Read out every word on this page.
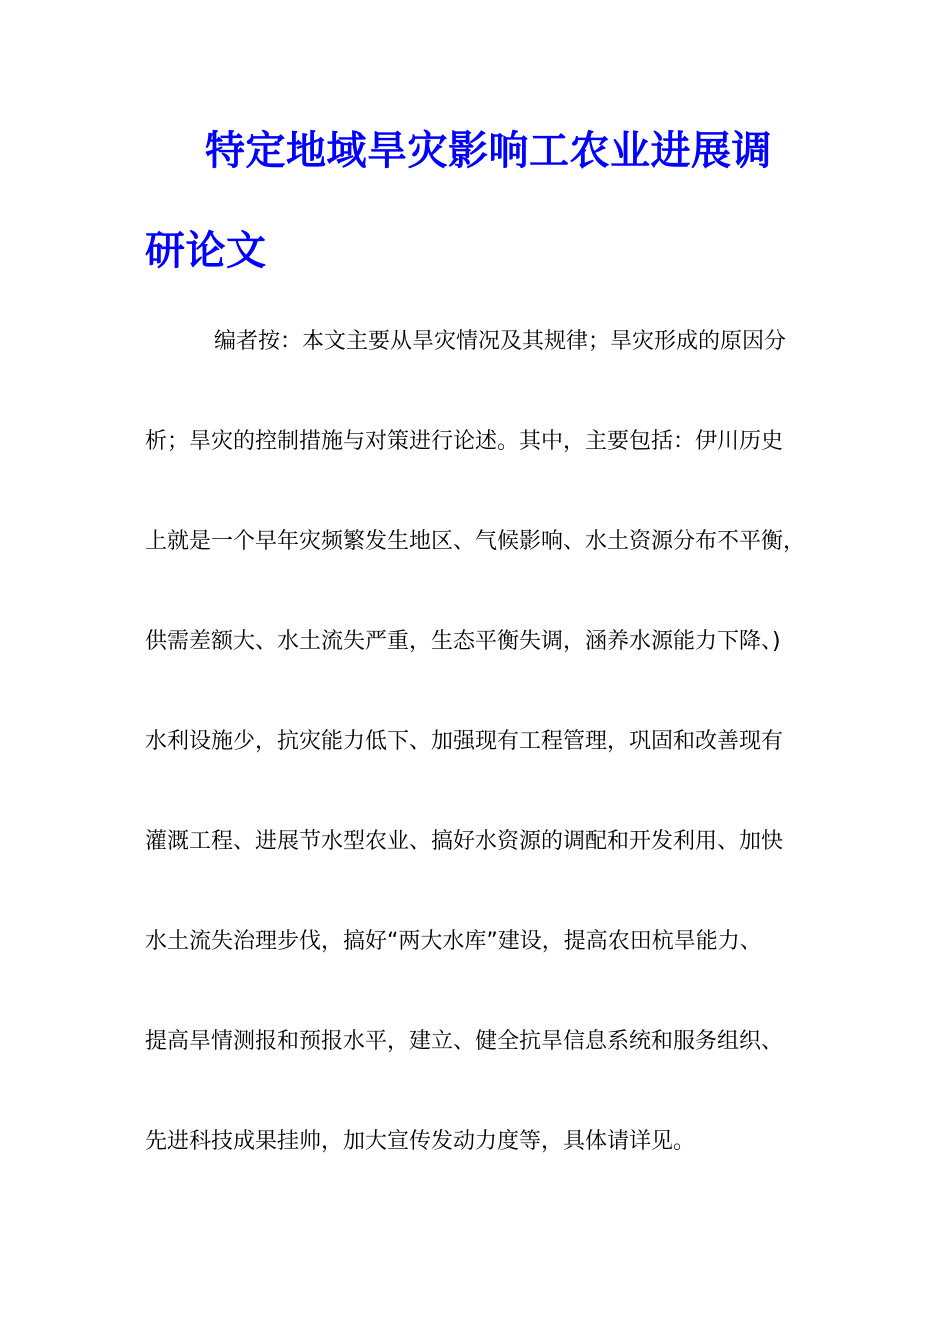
特定地域旱灾影响工农业进展调
研论文

编者按：本文主要从旱灾情况及其规律；旱灾形成的原因分

析；旱灾的控制措施与对策进行论述。其中，主要包括：伊川历史

上就是一个早年灾频繁发生地区、气候影响、水土资源分布不平衡，

供需差额大、水土流失严重，生态平衡失调，涵养水源能力下降、)

水利设施少，抗灾能力低下、加强现有工程管理，巩固和改善现有

灌溉工程、进展节水型农业、搞好水资源的调配和开发利用、加快

水土流失治理步伐，搞好“两大水库”建设，提高农田杭旱能力、

提高旱情测报和预报水平，建立、健全抗旱信息系统和服务组织、

先进科技成果挂帅，加大宣传发动力度等，具体请详见。
